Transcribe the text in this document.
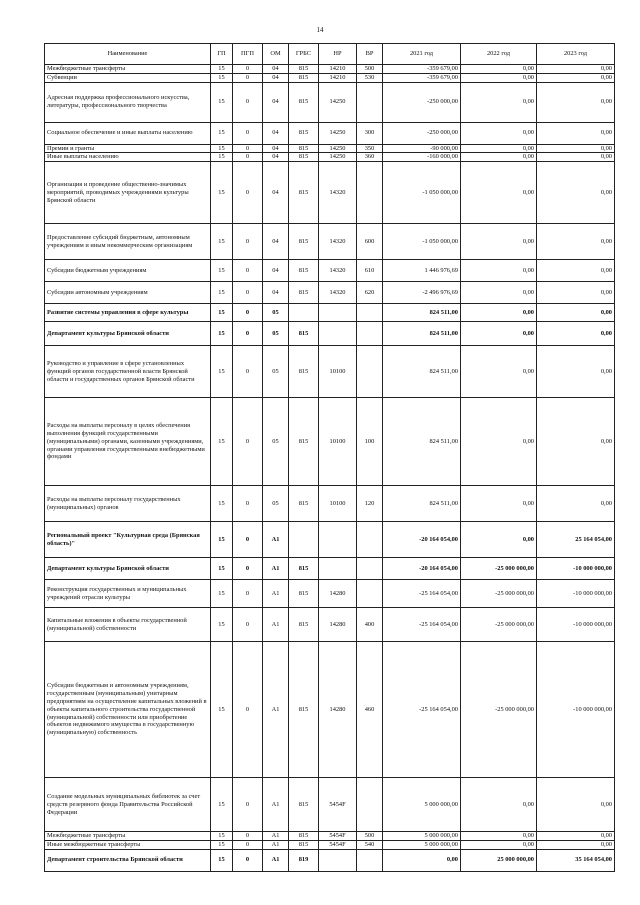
14
Наименование	ГП	ПГП	ОМ	ГРБС	НР	ВР	2021 год	2022 год	2023 год
Межбюджетные трансферты	15	0	04	815	14210	500	-359 679,00	0,00	0,00
Субвенции	15	0	04	815	14210	530	-359 679,00	0,00	0,00
Адресная поддержка профессионального искусства, литературы, профессионального творчества	15	0	04	815	14250		-250 000,00	0,00	0,00
Социальное обеспечение и иные выплаты населению	15	0	04	815	14250	300	-250 000,00	0,00	0,00
Премии и гранты	15	0	04	815	14250	350	-90 000,00	0,00	0,00
Иные выплаты населению	15	0	04	815	14250	360	-160 000,00	0,00	0,00
Организация и проведение общественно-значимых мероприятий, проводимых учреждениями культуры Брянской области	15	0	04	815	14320		-1 050 000,00	0,00	0,00
Предоставление субсидий бюджетным, автономным учреждениям и иным некоммерческим организациям	15	0	04	815	14320	600	-1 050 000,00	0,00	0,00
Субсидии бюджетным учреждениям	15	0	04	815	14320	610	1 446 976,69	0,00	0,00
Субсидии автономным учреждениям	15	0	04	815	14320	620	-2 496 976,69	0,00	0,00
Развитие системы управления в сфере культуры	15	0	05				824 511,00	0,00	0,00
Департамент культуры Брянской области	15	0	05	815			824 511,00	0,00	0,00
Руководство и управление в сфере установленных функций органов государственной власти Брянской области и государственных органов Брянской области	15	0	05	815	10100		824 511,00	0,00	0,00
Расходы на выплаты персоналу в целях обеспечения выполнения функций государственными (муниципальными) органами, казенными учреждениями, органами управления государственными внебюджетными фондами	15	0	05	815	10100	100	824 511,00	0,00	0,00
Расходы на выплаты персоналу государственных (муниципальных) органов	15	0	05	815	10100	120	824 511,00	0,00	0,00
Региональный проект "Культурная среда (Брянская область)"	15	0	A1				-20 164 054,00	0,00	25 164 054,00
Департамент культуры Брянской области	15	0	A1	815			-20 164 054,00	-25 000 000,00	-10 000 000,00
Реконструкция государственных и муниципальных учреждений отрасли культуры	15	0	A1	815	14280		-25 164 054,00	-25 000 000,00	-10 000 000,00
Капитальные вложения в объекты государственной (муниципальной) собственности	15	0	A1	815	14280	400	-25 164 054,00	-25 000 000,00	-10 000 000,00
Субсидии бюджетным и автономным учреждениям, государственным (муниципальным) унитарным предприятиям на осуществление капитальных вложений в объекты капитального строительства государственной (муниципальной) собственности или приобретение объектов недвижимого имущества в государственную (муниципальную) собственность	15	0	A1	815	14280	460	-25 164 054,00	-25 000 000,00	-10 000 000,00
Создание модельных муниципальных библиотек за счет средств резервного фонда Правительства Российской Федерации	15	0	A1	815	5454F		5 000 000,00	0,00	0,00
Межбюджетные трансферты	15	0	A1	815	5454F	500	5 000 000,00	0,00	0,00
Иные межбюджетные трансферты	15	0	A1	815	5454F	540	5 000 000,00	0,00	0,00
Департамент строительства Брянской области	15	0	A1	819			0,00	25 000 000,00	35 164 054,00
